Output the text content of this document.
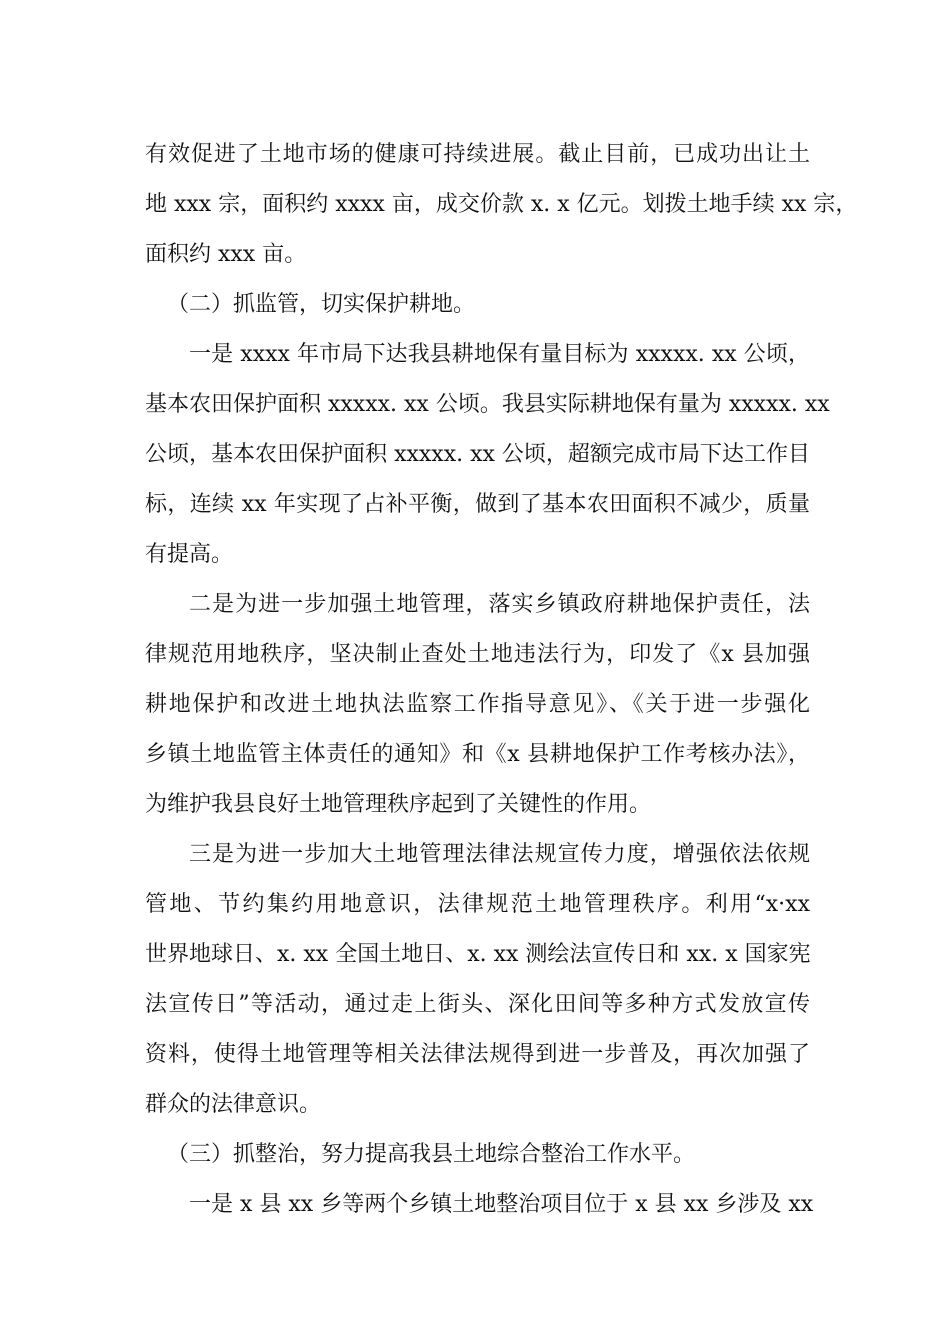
有效促进了土地市场的健康可持续进展。截止目前，已成功出让土
地 xxx 宗，面积约 xxxx 亩，成交价款 x. x 亿元。划拨土地手续 xx 宗，
面积约 xxx 亩。
（二）抓监管，切实保护耕地。
一是 xxxx 年市局下达我县耕地保有量目标为 xxxxx. xx 公顷，
基本农田保护面积 xxxxx. xx 公顷。我县实际耕地保有量为 xxxxx. xx
公顷，基本农田保护面积 xxxxx. xx 公顷，超额完成市局下达工作目
标，连续 xx 年实现了占补平衡，做到了基本农田面积不减少，质量
有提高。
二是为进一步加强土地管理，落实乡镇政府耕地保护责任，法
律规范用地秩序，坚决制止查处土地违法行为，印发了《x 县加强
耕地保护和改进土地执法监察工作指导意见》、《关于进一步强化
乡镇土地监管主体责任的通知》和《x 县耕地保护工作考核办法》，
为维护我县良好土地管理秩序起到了关键性的作用。
三是为进一步加大土地管理法律法规宣传力度，增强依法依规
管地、节约集约用地意识，法律规范土地管理秩序。利用“x·xx
世界地球日、x. xx 全国土地日、x. xx 测绘法宣传日和 xx. x 国家宪
法宣传日”等活动，通过走上街头、深化田间等多种方式发放宣传
资料，使得土地管理等相关法律法规得到进一步普及，再次加强了
群众的法律意识。
（三）抓整治，努力提高我县土地综合整治工作水平。
一是 x 县 xx 乡等两个乡镇土地整治项目位于 x 县 xx 乡涉及 xx
